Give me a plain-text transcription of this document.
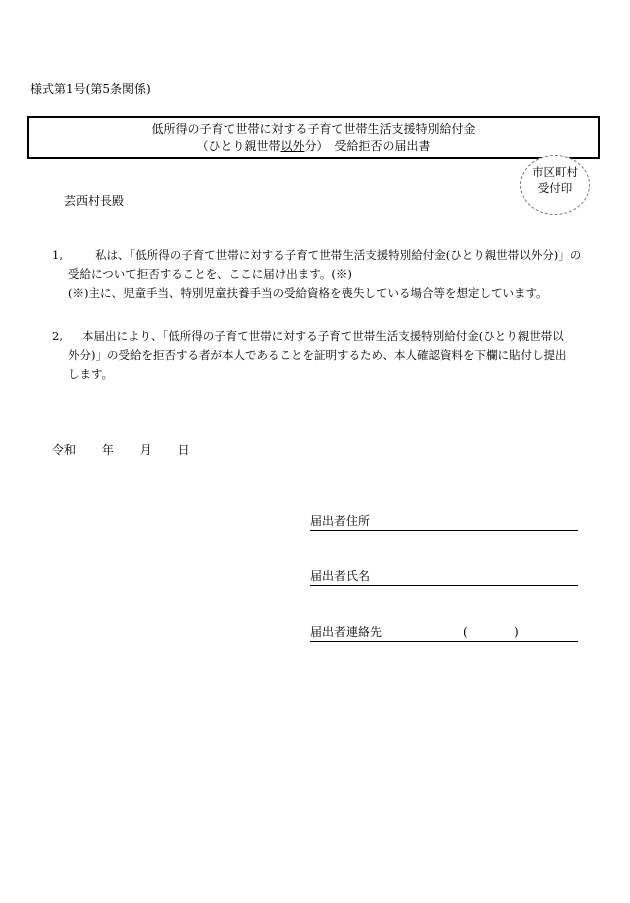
様式第1号(第5条関係)
低所得の子育て世帯に対する子育て世帯生活支援特別給付金
（ひとり親世帯以外分）　受給拒否の届出書
市区町村
受付印
芸西村長殿
1,	私は、「低所得の子育て世帯に対する子育て世帯生活支援特別給付金(ひとり親世帯以外分)」の
受給について拒否することを、ここに届け出ます。(※)
(※)主に、児童手当、特別児童扶養手当の受給資格を喪失している場合等を想定しています。
2, 本届出により、「低所得の子育て世帯に対する子育て世帯生活支援特別給付金(ひとり親世帯以
外分)」の受給を拒否する者が本人であることを証明するため、本人確認資料を下欄に貼付し提出
します。
令和 年 月 日
届出者住所
届出者氏名
届出者連絡先	(	)
